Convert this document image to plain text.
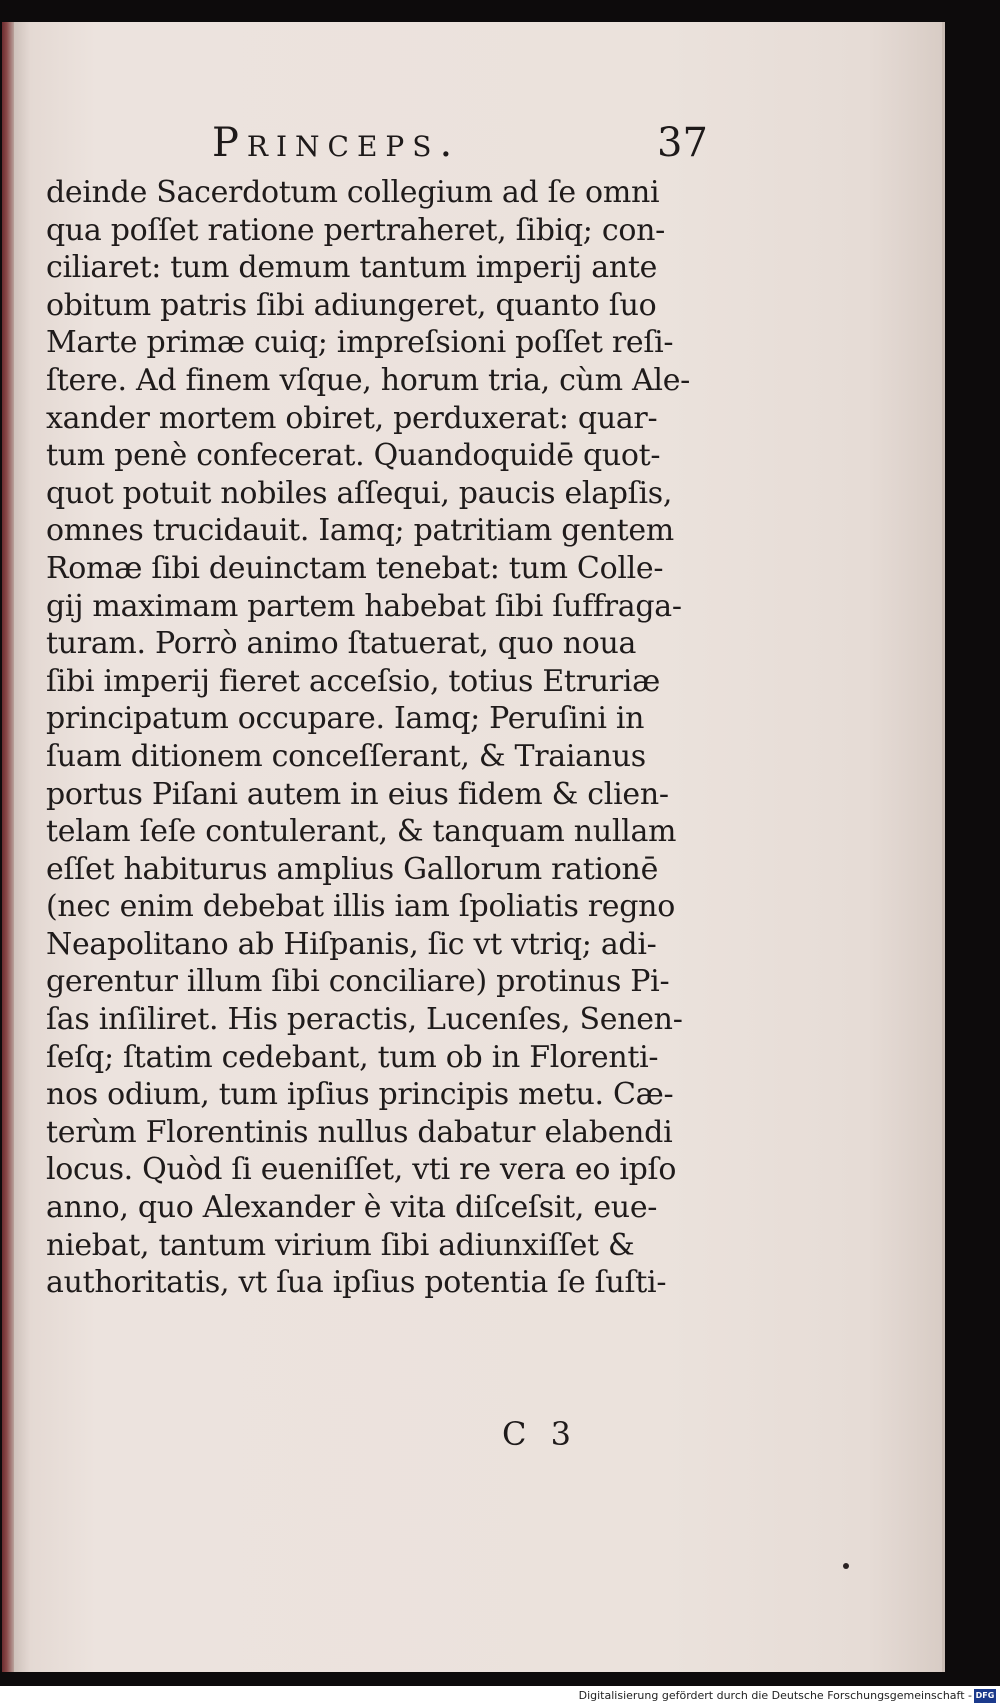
Princeps.	37
deinde Sacerdotum collegium ad ſe omni
qua poſſet ratione pertraheret, ſibiq; con-
ciliaret: tum demum tantum imperij ante
obitum patris ſibi adiungeret, quanto ſuo
Marte primæ cuiq; impreſsioni poſſet reſi-
ſtere. Ad finem vſque, horum tria, cùm Ale-
xander mortem obiret, perduxerat: quar-
tum penè confecerat. Quandoquidē quot-
quot potuit nobiles aſſequi, paucis elapſis,
omnes trucidauit. Iamq; patritiam gentem
Romæ ſibi deuinctam tenebat: tum Colle-
gij maximam partem habebat ſibi ſuffraga-
turam. Porrò animo ſtatuerat, quo noua
ſibi imperij fieret acceſsio, totius Etruriæ
principatum occupare. Iamq; Peruſini in
ſuam ditionem conceſſerant, & Traianus
portus Piſani autem in eius fidem & clien-
telam ſeſe contulerant, & tanquam nullam
eſſet habiturus amplius Gallorum rationē
(nec enim debebat illis iam ſpoliatis regno
Neapolitano ab Hiſpanis, ſic vt vtriq; adi-
gerentur illum ſibi conciliare) protinus Pi-
ſas inſiliret. His peractis, Lucenſes, Senen-
ſeſq; ſtatim cedebant, tum ob in Florenti-
nos odium, tum ipſius principis metu. Cæ-
terùm Florentinis nullus dabatur elabendi
locus. Quòd ſi eueniſſet, vti re vera eo ipſo
anno, quo Alexander è vita diſceſsit, eue-
niebat, tantum virium ſibi adiunxiſſet &
authoritatis, vt ſua ipſius potentia ſe ſuſti-
C 3
Digitalisierung gefördert durch die Deutsche Forschungsgemeinschaft - DFG
